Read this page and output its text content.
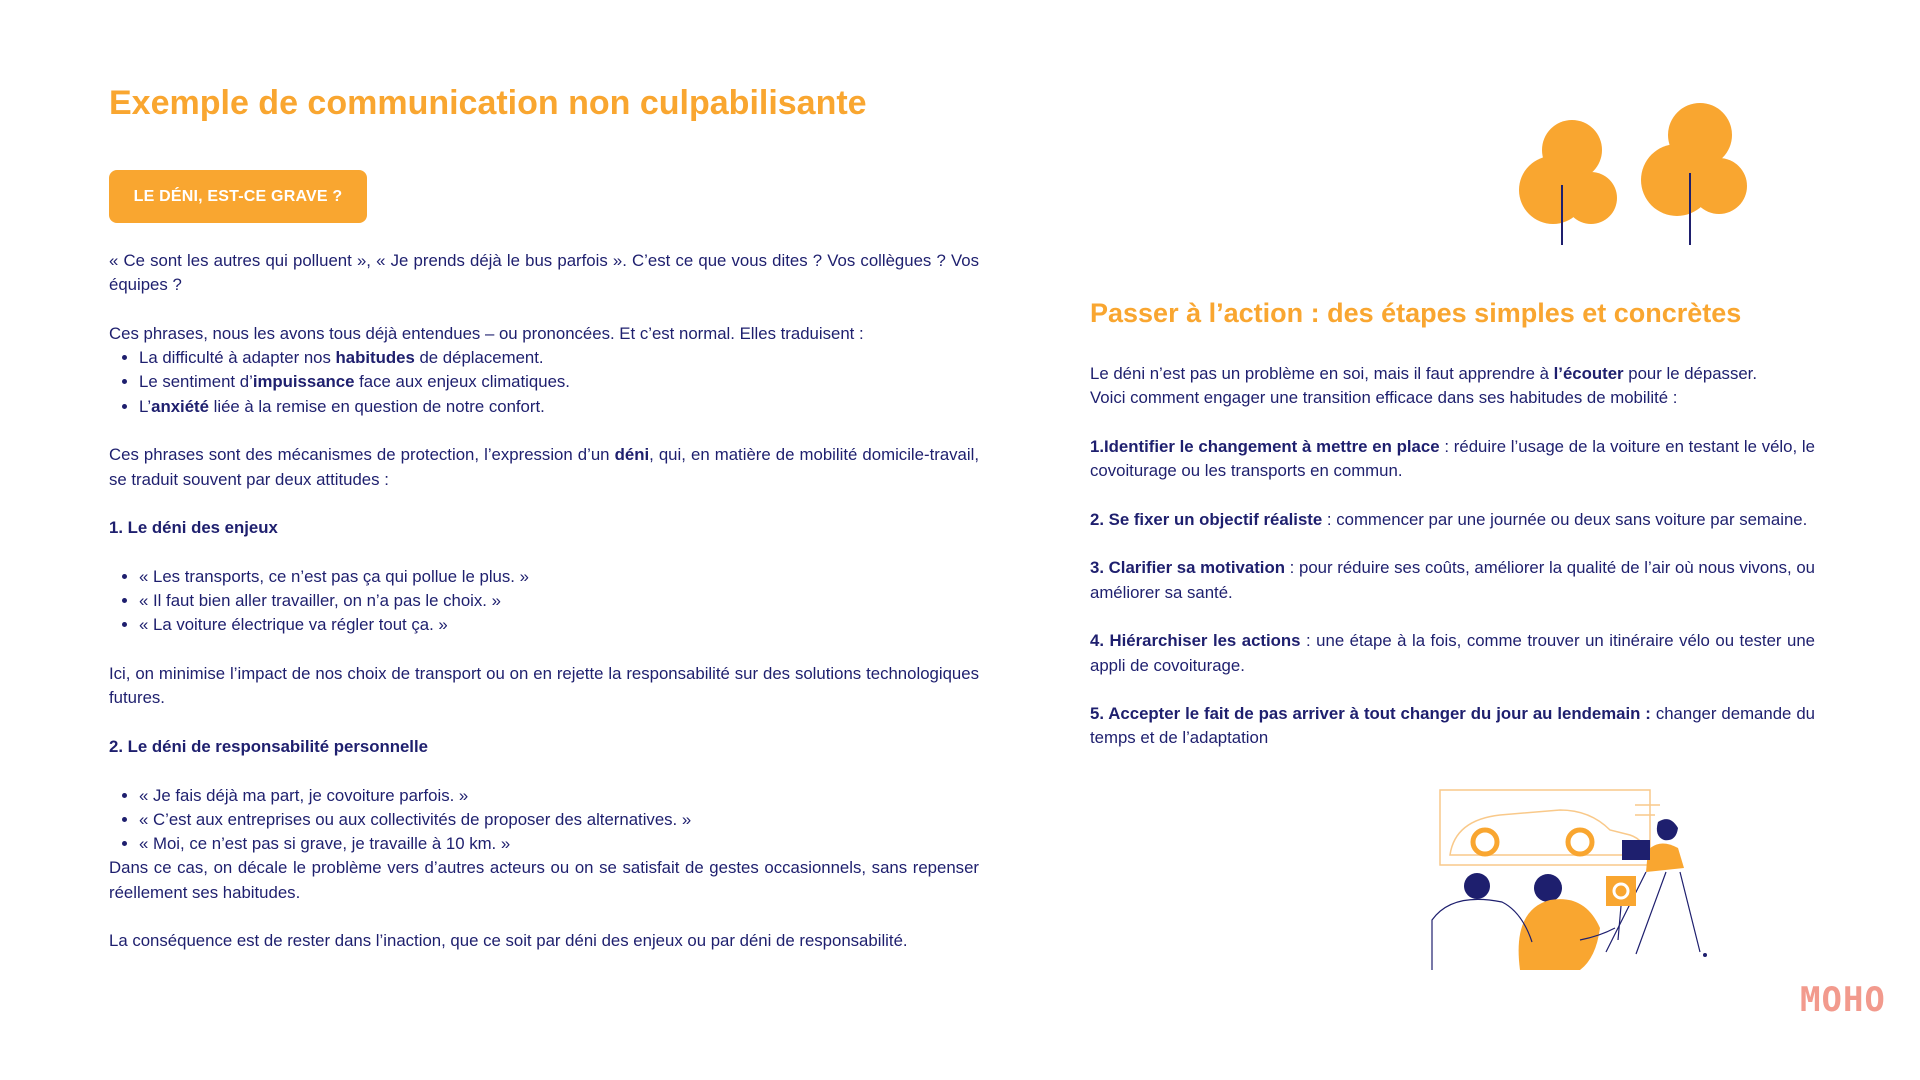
Exemple de communication non culpabilisante
LE DÉNI, EST-CE GRAVE ?

« Ce sont les autres qui polluent », « Je prends déjà le bus parfois ». C’est ce que vous dites ? Vos collègues ? Vos équipes ?

Ces phrases, nous les avons tous déjà entendues – ou prononcées. Et c’est normal. Elles traduisent :

• La difficulté à adapter nos habitudes de déplacement.
• Le sentiment d’impuissance face aux enjeux climatiques.
• L’anxiété liée à la remise en question de notre confort.

Ces phrases sont des mécanismes de protection, l’expression d’un déni, qui, en matière de mobilité domicile-travail, se traduit souvent par deux attitudes :

1. Le déni des enjeux

• « Les transports, ce n’est pas ça qui pollue le plus. »
• « Il faut bien aller travailler, on n’a pas le choix. »
• « La voiture électrique va régler tout ça. »

Ici, on minimise l’impact de nos choix de transport ou on en rejette la responsabilité sur des solutions technologiques futures.

2. Le déni de responsabilité personnelle

• « Je fais déjà ma part, je covoiture parfois. »
• « C’est aux entreprises ou aux collectivités de proposer des alternatives. »
• « Moi, ce n’est pas si grave, je travaille à 10 km. »

Dans ce cas, on décale le problème vers d’autres acteurs ou on se satisfait de gestes occasionnels, sans repenser réellement ses habitudes.

La conséquence est de rester dans l’inaction, que ce soit par déni des enjeux ou par déni de responsabilité.

Passer à l’action : des étapes simples et concrètes

Le déni n’est pas un problème en soi, mais il faut apprendre à l’écouter pour le dépasser.
Voici comment engager une transition efficace dans ses habitudes de mobilité :

1.Identifier le changement à mettre en place : réduire l’usage de la voiture en testant le vélo, le covoiturage ou les transports en commun.

2. Se fixer un objectif réaliste : commencer par une journée ou deux sans voiture par semaine.

3. Clarifier sa motivation : pour réduire ses coûts, améliorer la qualité de l’air où nous vivons, ou améliorer sa santé.

4. Hiérarchiser les actions : une étape à la fois, comme trouver un itinéraire vélo ou tester une appli de covoiturage.

5. Accepter le fait de pas arriver à tout changer du jour au lendemain : changer demande du temps et de l’adaptation

MOHO
